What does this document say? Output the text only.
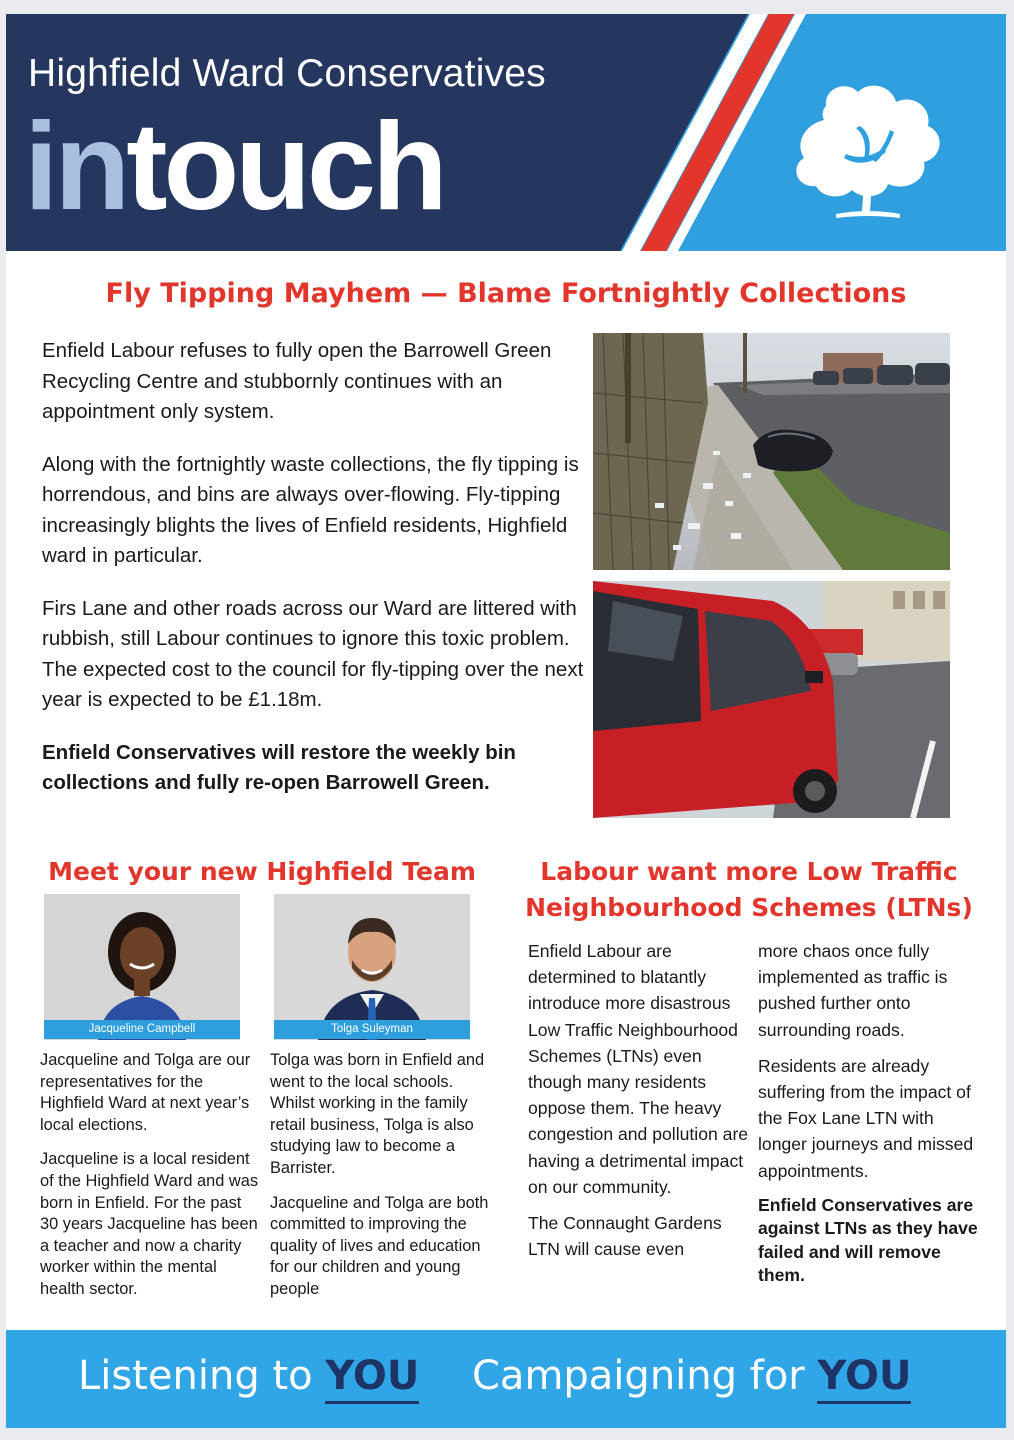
Highfield Ward Conservatives
intouch
Fly Tipping Mayhem — Blame Fortnightly Collections

Enfield Labour refuses to fully open the Barrowell Green Recycling Centre and stubbornly continues with an appointment only system.

Along with the fortnightly waste collections, the fly tipping is horrendous, and bins are always over-flowing. Fly-tipping increasingly blights the lives of Enfield residents, Highfield ward in particular.

Firs Lane and other roads across our Ward are littered with rubbish, still Labour continues to ignore this toxic problem. The expected cost to the council for fly-tipping over the next year is expected to be £1.18m.

Enfield Conservatives will restore the weekly bin collections and fully re-open Barrowell Green.

Meet your new Highfield Team
Jacqueline Campbell	Tolga Suleyman

Jacqueline and Tolga are our representatives for the Highfield Ward at next year’s local elections.

Jacqueline is a local resident of the Highfield Ward and was born in Enfield. For the past 30 years Jacqueline has been a teacher and now a charity worker within the mental health sector.

Tolga was born in Enfield and went to the local schools. Whilst working in the family retail business, Tolga is also studying law to become a Barrister.

Jacqueline and Tolga are both committed to improving the quality of lives and education for our children and young people

Labour want more Low Traffic
Neighbourhood Schemes (LTNs)

Enfield Labour are determined to blatantly introduce more disastrous Low Traffic Neighbourhood Schemes (LTNs) even though many residents oppose them. The heavy congestion and pollution are having a detrimental impact on our community.

The Connaught Gardens LTN will cause even

more chaos once fully implemented as traffic is pushed further onto surrounding roads.

Residents are already suffering from the impact of the Fox Lane LTN with longer journeys and missed appointments.

Enfield Conservatives are against LTNs as they have failed and will remove them.

Listening to YOU Campaigning for YOU
